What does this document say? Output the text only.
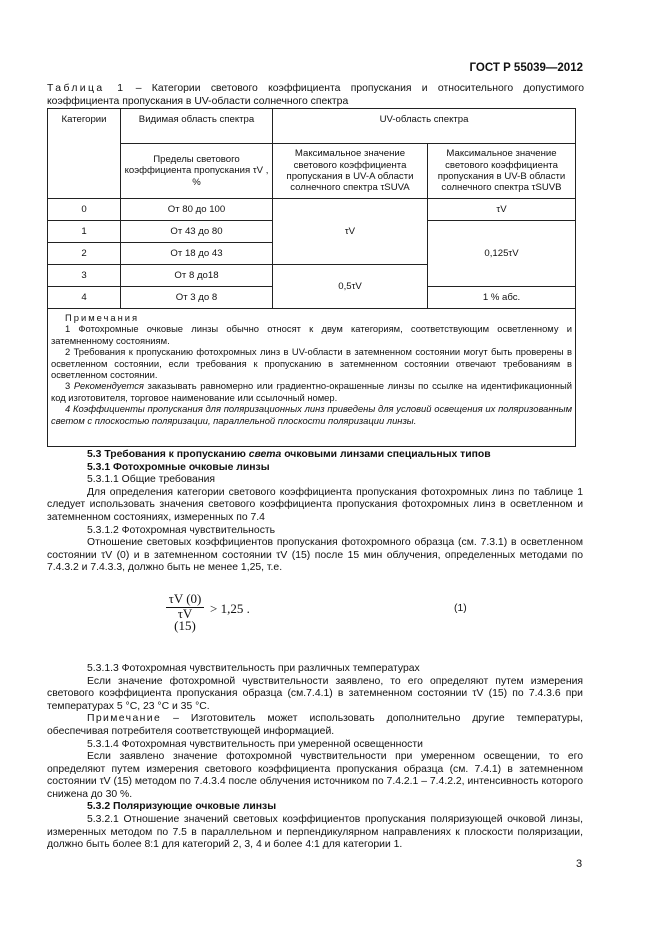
ГОСТ Р 55039—2012
Таблица 1 – Категории светового коэффициента пропускания и относительного допустимого коэффициента пропускания в UV-области солнечного спектра
Категории	Видимая область спектра	UV-область спектра	
	Пределы светового коэффициента пропускания τV , %	Максимальное значение светового коэффициента пропускания в UV-A области солнечного спектра τSUVA	Максимальное значение светового коэффициента пропускания в UV-B области солнечного спектра τSUVB
0	От 80 до 100	τV	τV
1	От 43 до 80		0,125τV
2	От 18 до 43		
3	От 8 до18	0,5τV	
4	От 3 до 8		1 % абс.

Примечания

1 Фотохромные очковые линзы обычно относят к двум категориям, соответствующим осветленному и затемненному состояниям.

2 Требования к пропусканию фотохромных линз в UV-области в затемненном состоянии могут быть проверены в осветленном состоянии, если требования к пропусканию в затемненном состоянии отвечают требованиям в осветленном состоянии.

3 Рекомендуется заказывать равномерно или градиентно-окрашенные линзы по ссылке на идентификационный код изготовителя, торговое наименование или ссылочный номер.

4 Коэффициенты пропускания для поляризационных линз приведены для условий освещения их поляризованным светом с плоскостью поляризации, параллельной плоскости поляризации линзы.			

5.3 Требования к пропусканию света очковыми линзами специальных типов

5.3.1 Фотохромные очковые линзы

5.3.1.1 Общие требования

Для определения категории светового коэффициента пропускания фотохромных линз по таблице 1 следует использовать значения светового коэффициента пропускания фотохромных линз в осветленном и затемненном состояниях, измеренных по 7.4

5.3.1.2 Фотохромная чувствительность

Отношение световых коэффициентов пропускания фотохромного образца (см. 7.3.1) в осветленном состоянии τV (0) и в затемненном состоянии τV (15) после 15 мин облучения, определенных методами по 7.4.3.2 и 7.4.3.3, должно быть не менее 1,25, т.е.

5.3.1.3 Фотохромная чувствительность при различных температурах

Если значение фотохромной чувствительности заявлено, то его определяют путем измерения светового коэффициента пропускания образца (см.7.4.1) в затемненном состоянии τV (15) по 7.4.3.6 при температурах 5 °C, 23 °C и 35 °C.

Примечание – Изготовитель может использовать дополнительно другие температуры, обеспечивая потребителя соответствующей информацией.

5.3.1.4 Фотохромная чувствительность при умеренной освещенности

Если заявлено значение фотохромной чувствительности при умеренном освещении, то его определяют путем измерения светового коэффициента пропускания образца (см. 7.4.1) в затемненном состоянии τV (15) методом по 7.4.3.4 после облучения источником по 7.4.2.1 – 7.4.2.2, интенсивность которого снижена до 30 %.

5.3.2 Поляризующие очковые линзы

5.3.2.1 Отношение значений световых коэффициентов пропускания поляризующей очковой линзы, измеренных методом по 7.5 в параллельном и перпендикулярном направлениях к плоскости поляризации, должно быть более 8:1 для категорий 2, 3, 4 и более 4:1 для категории 1.

$\frac{\tau V (0)}{\tau V (15)} > 1,25$ .	(1)
3
